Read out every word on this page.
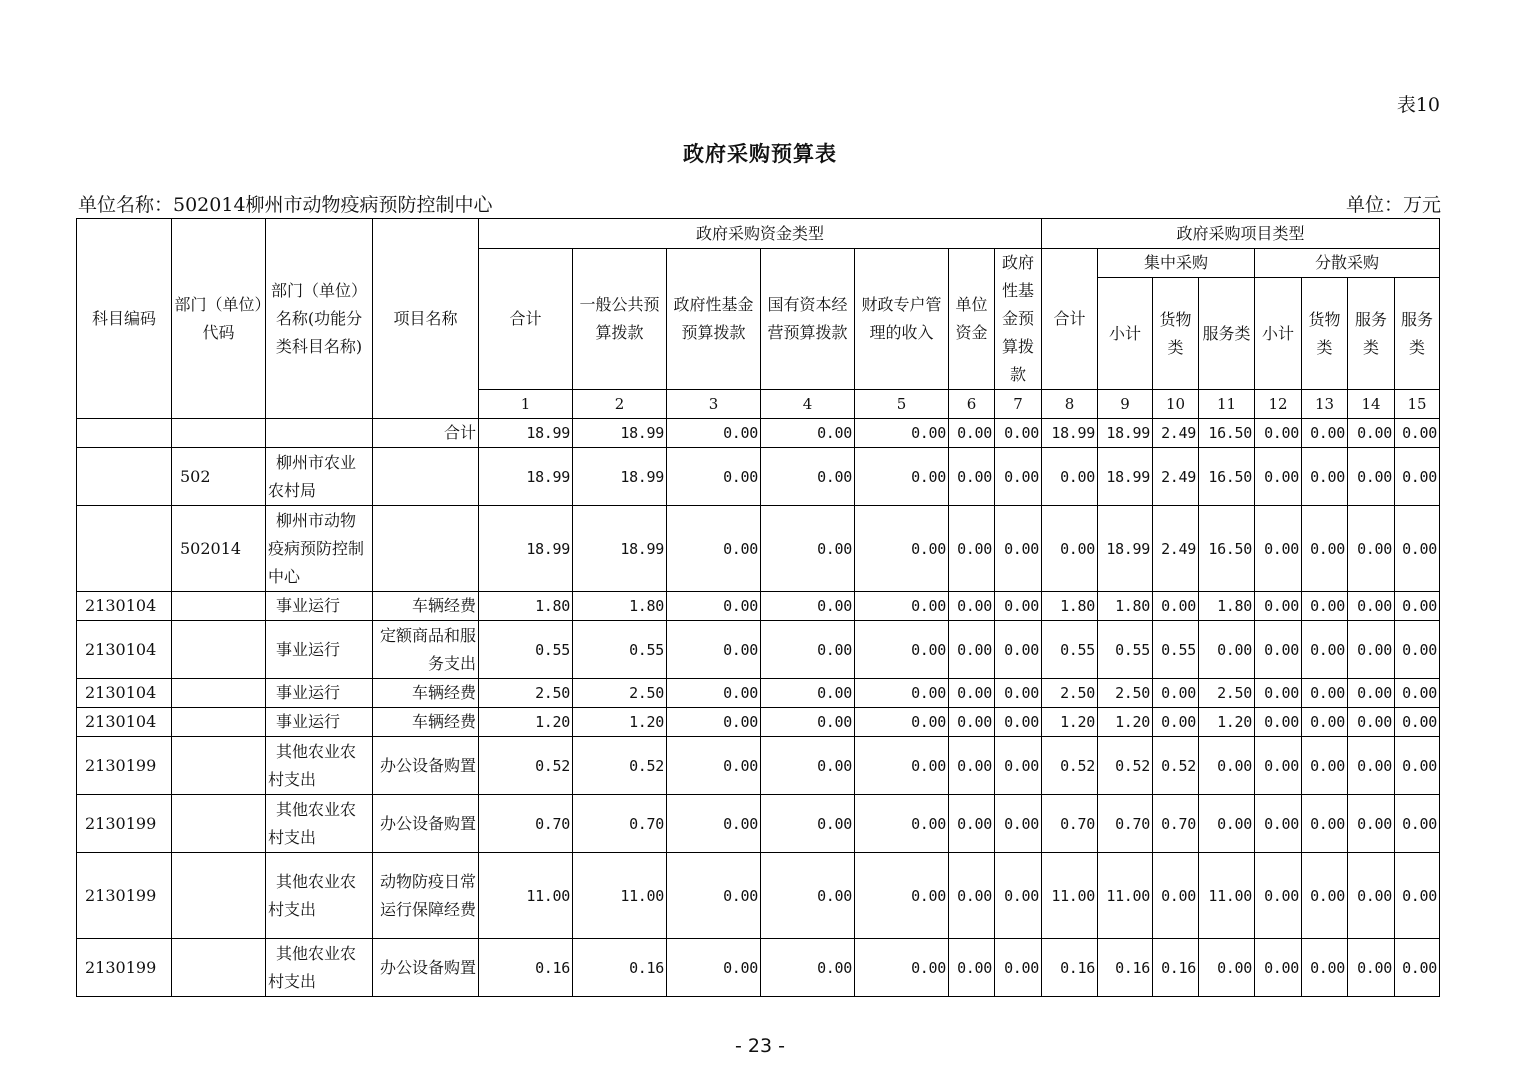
表10
政府采购预算表
单位名称：502014柳州市动物疫病预防控制中心	单位：万元
科目编码	部门（单位）代码	部门（单位）名称(功能分类科目名称)	项目名称	政府采购资金类型							政府采购项目类型							
				合计	一般公共预算拨款	政府性基金预算拨款	国有资本经营预算拨款	财政专户管理的收入	单位资金	政府性基金预算拨款	合计	集中采购			分散采购			
												小计	货物类	服务类	小计	货物类	服务类	服务类
				1	2	3	4	5	6	7	8	9	10	11	12	13	14	15
			合计	18.99	18.99	0.00	0.00	0.00	0.00	0.00	18.99	18.99	2.49	16.50	0.00	0.00	0.00	0.00
	502	柳州市农业农村局		18.99	18.99	0.00	0.00	0.00	0.00	0.00	0.00	18.99	2.49	16.50	0.00	0.00	0.00	0.00
	502014	柳州市动物疫病预防控制中心		18.99	18.99	0.00	0.00	0.00	0.00	0.00	0.00	18.99	2.49	16.50	0.00	0.00	0.00	0.00
2130104		事业运行	车辆经费	1.80	1.80	0.00	0.00	0.00	0.00	0.00	1.80	1.80	0.00	1.80	0.00	0.00	0.00	0.00
2130104		事业运行	定额商品和服务支出	0.55	0.55	0.00	0.00	0.00	0.00	0.00	0.55	0.55	0.55	0.00	0.00	0.00	0.00	0.00
2130104		事业运行	车辆经费	2.50	2.50	0.00	0.00	0.00	0.00	0.00	2.50	2.50	0.00	2.50	0.00	0.00	0.00	0.00
2130104		事业运行	车辆经费	1.20	1.20	0.00	0.00	0.00	0.00	0.00	1.20	1.20	0.00	1.20	0.00	0.00	0.00	0.00
2130199		其他农业农村支出	办公设备购置	0.52	0.52	0.00	0.00	0.00	0.00	0.00	0.52	0.52	0.52	0.00	0.00	0.00	0.00	0.00
2130199		其他农业农村支出	办公设备购置	0.70	0.70	0.00	0.00	0.00	0.00	0.00	0.70	0.70	0.70	0.00	0.00	0.00	0.00	0.00
2130199		其他农业农村支出	动物防疫日常运行保障经费	11.00	11.00	0.00	0.00	0.00	0.00	0.00	11.00	11.00	0.00	11.00	0.00	0.00	0.00	0.00
2130199		其他农业农村支出	办公设备购置	0.16	0.16	0.00	0.00	0.00	0.00	0.00	0.16	0.16	0.16	0.00	0.00	0.00	0.00	0.00
- 23 -
